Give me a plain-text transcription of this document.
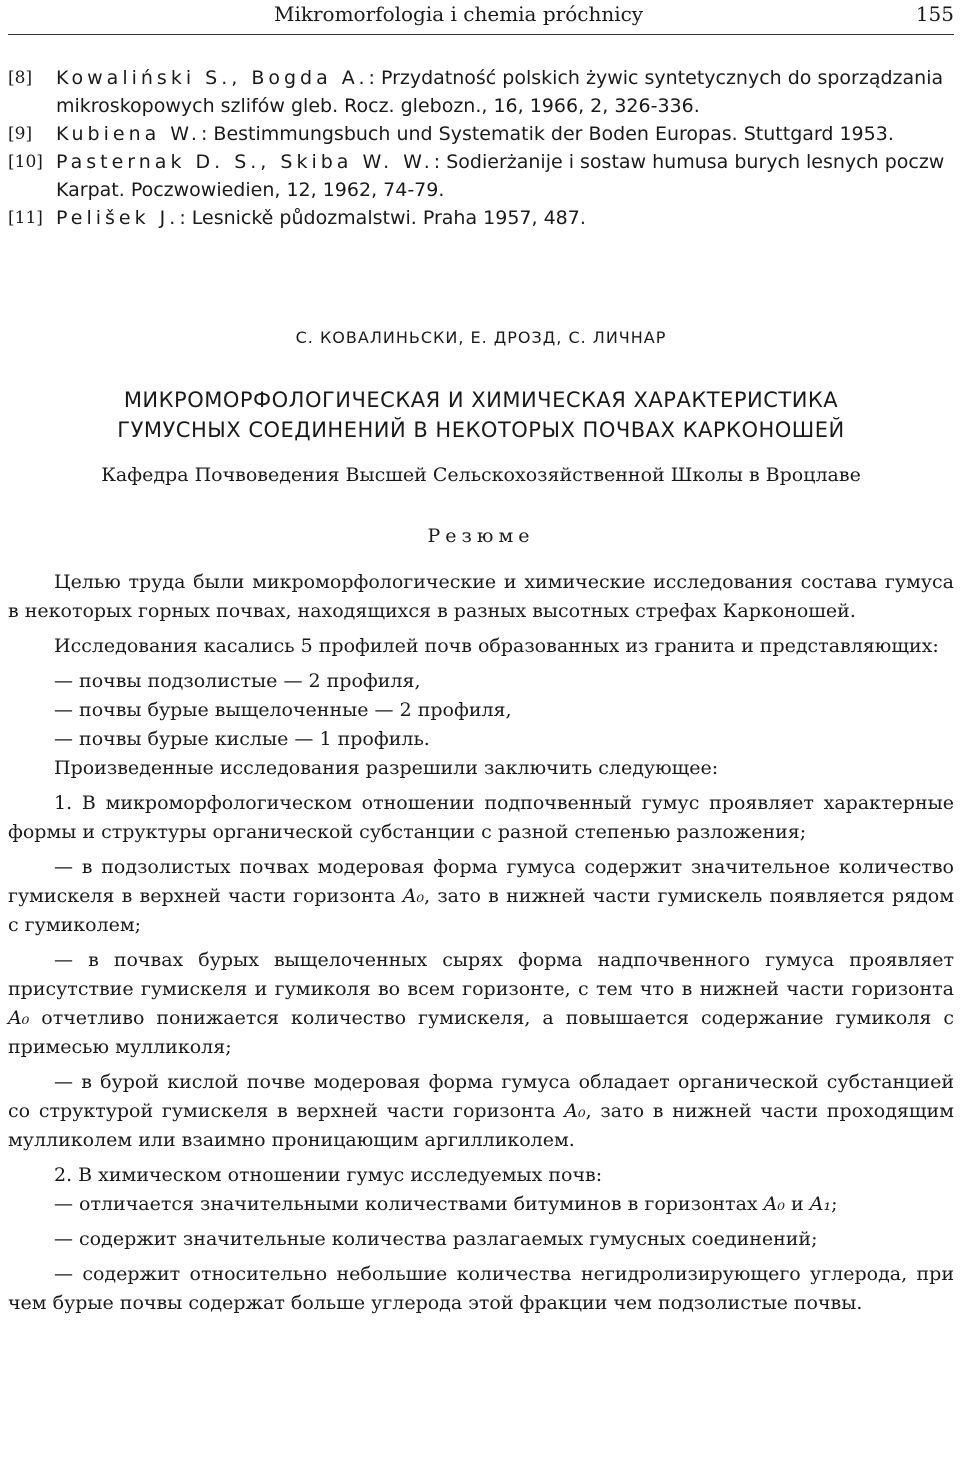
Mikromorfologia i chemia próchnicy	155
[8] Kowaliński S., Bogda A.: Przydatność polskich żywic syntetycznych do sporządzania mikroskopowych szlifów gleb. Rocz. glebozn., 16, 1966, 2, 326-336.
[9] Kubiena W.: Bestimmungsbuch und Systematik der Boden Europas. Stuttgard 1953.
[10] Pasternak D. S., Skiba W. W.: Sodierżanije i sostaw humusa burych lesnych poczw Karpat. Poczwowiedien, 12, 1962, 74-79.
[11] Pelišek J.: Lesnickě půdozmalstwi. Praha 1957, 487.
С. КОВАЛИНЬСКИ, Е. ДРОЗД, С. ЛИЧНАР
МИКРОМОРФОЛОГИЧЕСКАЯ И ХИМИЧЕСКАЯ ХАРАКТЕРИСТИКА
ГУМУСНЫХ СОЕДИНЕНИЙ В НЕКОТОРЫХ ПОЧВАХ КАРКОНОШЕЙ
Кафедра Почвоведения Высшей Сельскохозяйственной Школы в Вроцлаве
Резюме

Целью труда были микроморфологические и химические исследования состава гумуса в некоторых горных почвах, находящихся в разных высотных стрефах Карконошей.

Исследования касались 5 профилей почв образованных из гранита и представляющих:

— почвы подзолистые — 2 профиля,

— почвы бурые выщелоченные — 2 профиля,

— почвы бурые кислые — 1 профиль.

Произведенные исследования разрешили заключить следующее:

1. В микроморфологическом отношении подпочвенный гумус проявляет характерные формы и структуры органической субстанции с разной степенью разложения;

— в подзолистых почвах модеровая форма гумуса содержит значительное количество гумискеля в верхней части горизонта A₀, зато в нижней части гумискель появляется рядом с гумиколем;

— в почвах бурых выщелоченных сырях форма надпочвенного гумуса проявляет присутствие гумискеля и гумиколя во всем горизонте, с тем что в нижней части горизонта A₀ отчетливо понижается количество гумискеля, а повышается содержание гумиколя с примесью мулликоля;

— в бурой кислой почве модеровая форма гумуса обладает органической субстанцией со структурой гумискеля в верхней части горизонта A₀, зато в нижней части проходящим мулликолем или взаимно проницающим аргилликолем.

2. В химическом отношении гумус исследуемых почв:

— отличается значительными количествами битуминов в горизонтах A₀ и A₁;

— содержит значительные количества разлагаемых гумусных соединений;

— содержит относительно небольшие количества негидролизирующего углерода, при чем бурые почвы содержат больше углерода этой фракции чем подзолистые почвы.
